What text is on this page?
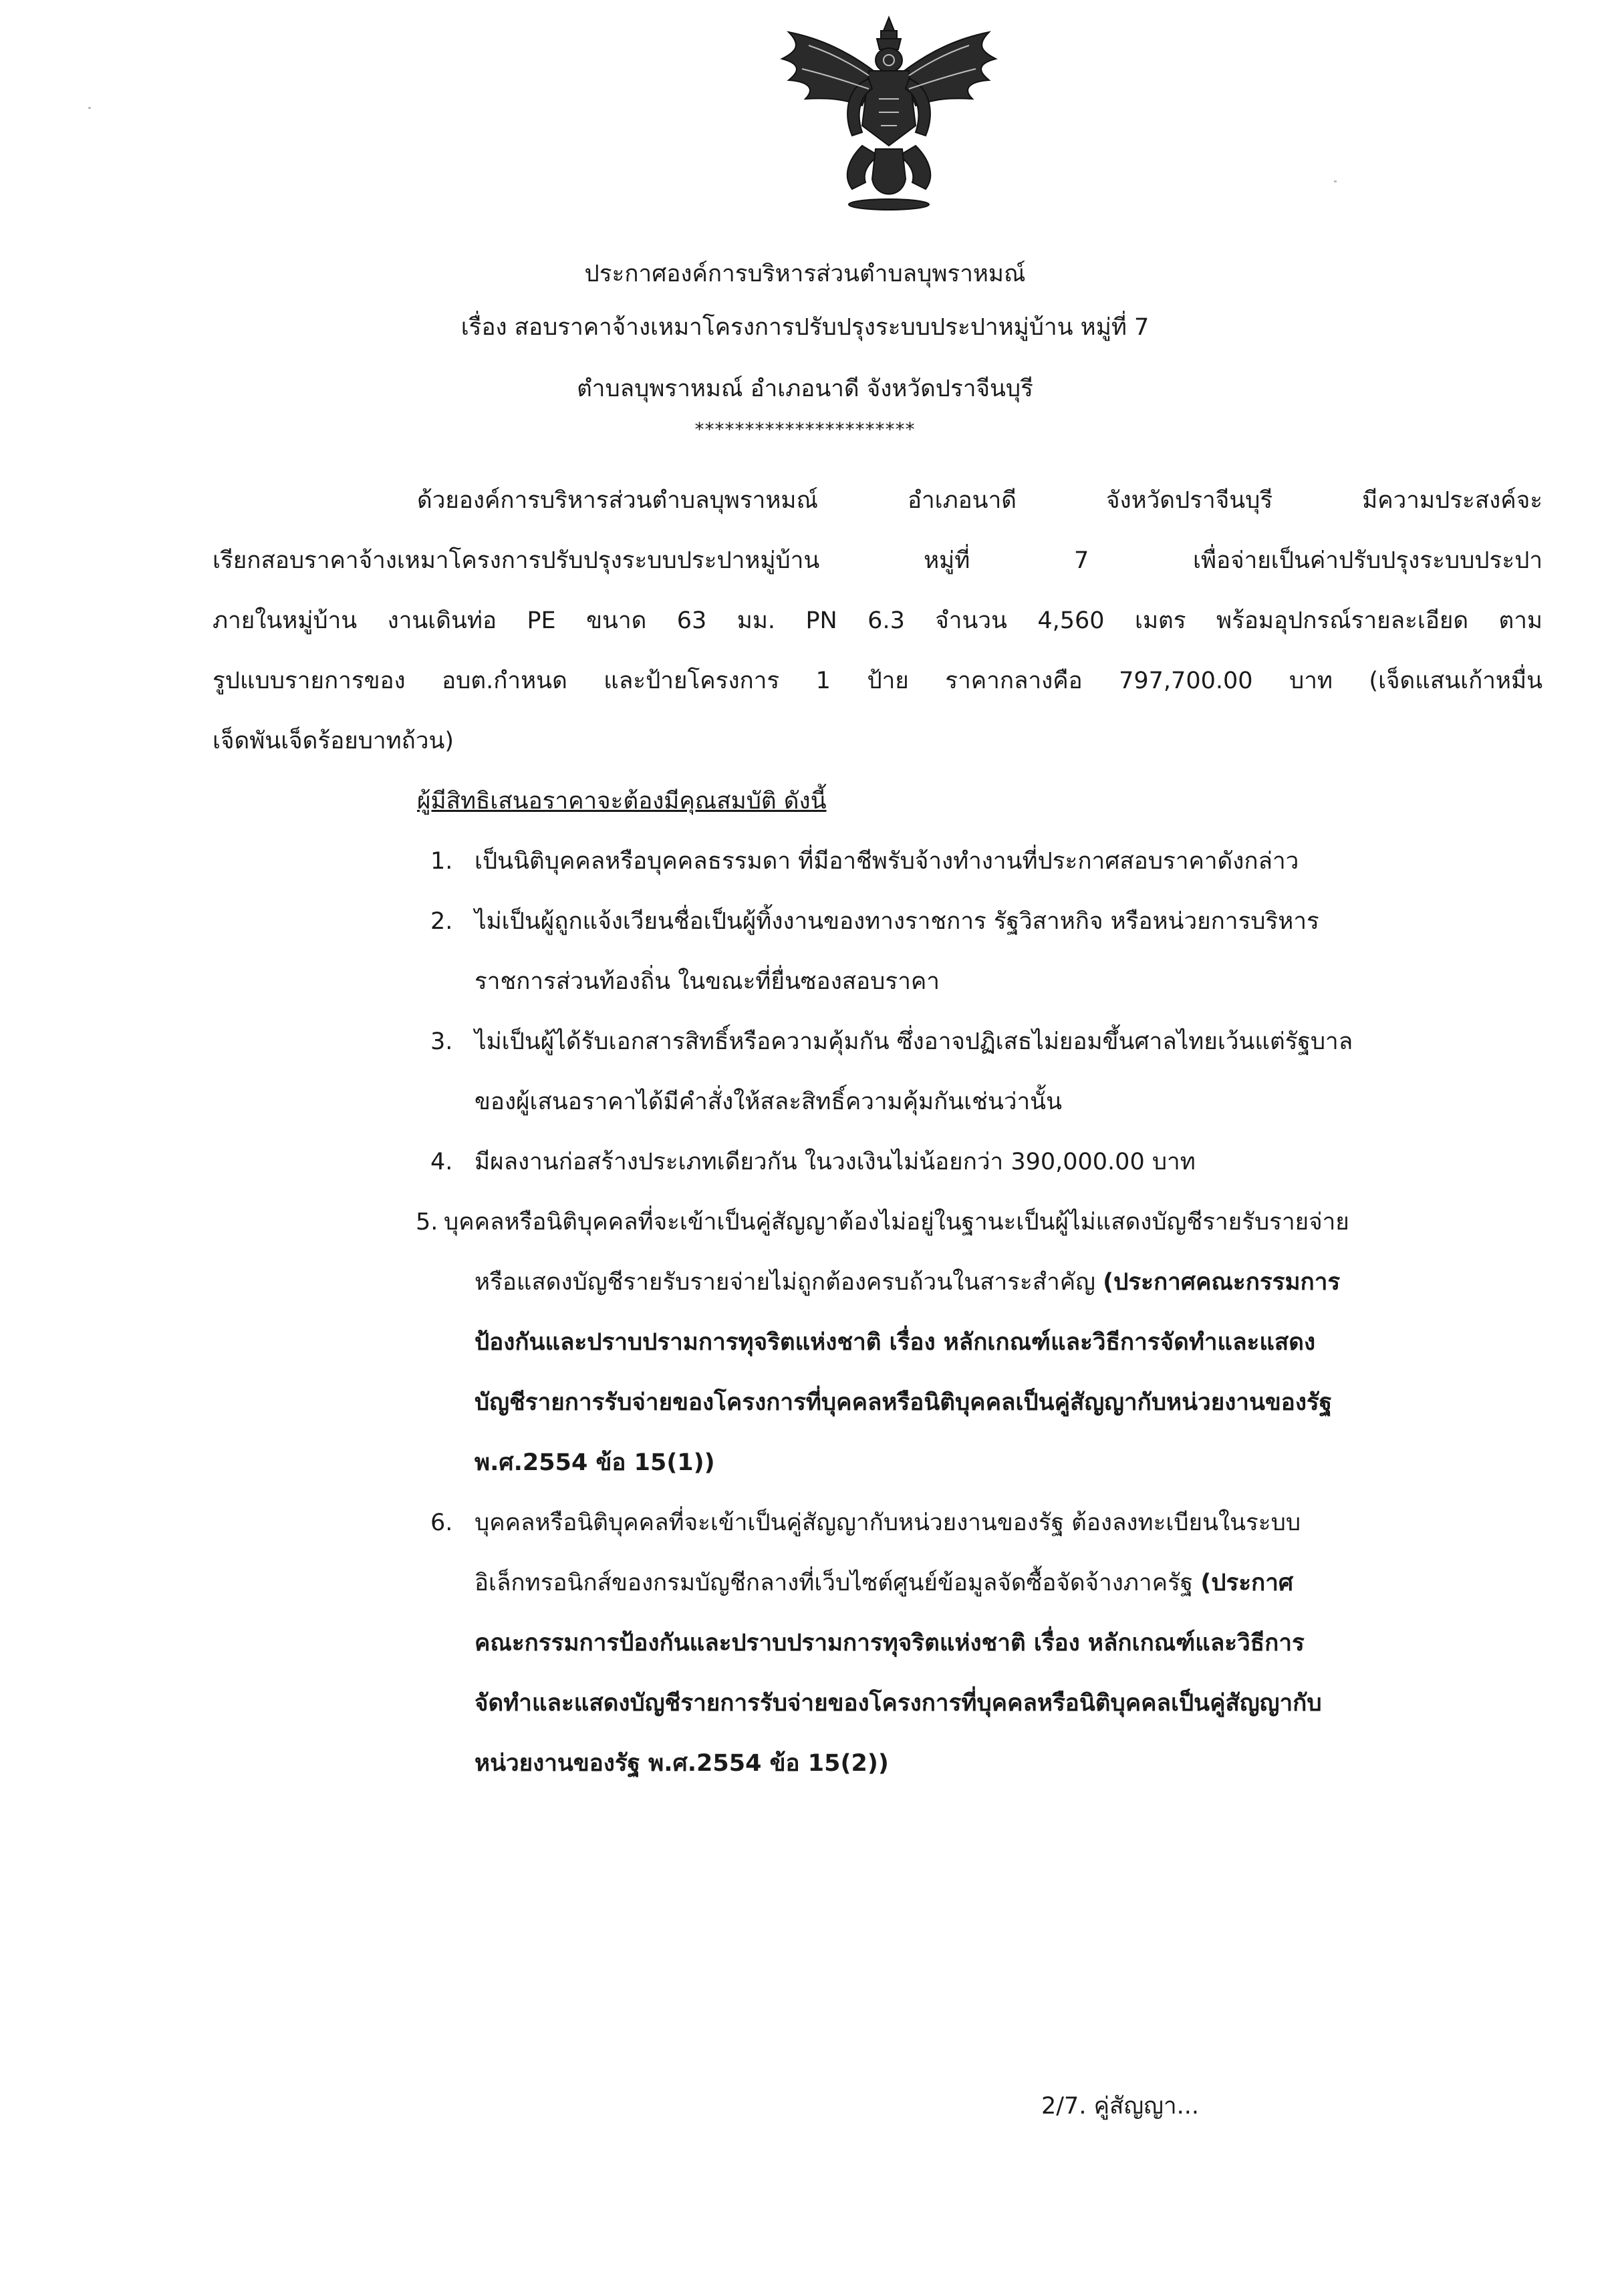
ประกาศองค์การบริหารส่วนตำบลบุพราหมณ์
เรื่อง สอบราคาจ้างเหมาโครงการปรับปรุงระบบประปาหมู่บ้าน หมู่ที่ 7
ตำบลบุพราหมณ์ อำเภอนาดี จังหวัดปราจีนบุรี
**********************
ด้วยองค์การบริหารส่วนตำบลบุพราหมณ์ อำเภอนาดี จังหวัดปราจีนบุรี มีความประสงค์จะ
เรียกสอบราคาจ้างเหมาโครงการปรับปรุงระบบประปาหมู่บ้าน หมู่ที่ 7 เพื่อจ่ายเป็นค่าปรับปรุงระบบประปา
ภายในหมู่บ้าน งานเดินท่อ PE ขนาด 63 มม. PN 6.3 จำนวน 4,560 เมตร พร้อมอุปกรณ์รายละเอียด ตาม
รูปแบบรายการของ อบต.กำหนด และป้ายโครงการ 1 ป้าย ราคากลางคือ 797,700.00 บาท (เจ็ดแสนเก้าหมื่น
เจ็ดพันเจ็ดร้อยบาทถ้วน)
ผู้มีสิทธิเสนอราคาจะต้องมีคุณสมบัติ ดังนี้
1. เป็นนิติบุคคลหรือบุคคลธรรมดา ที่มีอาชีพรับจ้างทำงานที่ประกาศสอบราคาดังกล่าว
2. ไม่เป็นผู้ถูกแจ้งเวียนชื่อเป็นผู้ทิ้งงานของทางราชการ รัฐวิสาหกิจ หรือหน่วยการบริหาร
ราชการส่วนท้องถิ่น ในขณะที่ยื่นซองสอบราคา
3. ไม่เป็นผู้ได้รับเอกสารสิทธิ์หรือความคุ้มกัน ซึ่งอาจปฏิเสธไม่ยอมขึ้นศาลไทยเว้นแต่รัฐบาล
ของผู้เสนอราคาได้มีคำสั่งให้สละสิทธิ์ความคุ้มกันเช่นว่านั้น
4. มีผลงานก่อสร้างประเภทเดียวกัน ในวงเงินไม่น้อยกว่า 390,000.00 บาท
5. บุคคลหรือนิติบุคคลที่จะเข้าเป็นคู่สัญญาต้องไม่อยู่ในฐานะเป็นผู้ไม่แสดงบัญชีรายรับรายจ่าย
หรือแสดงบัญชีรายรับรายจ่ายไม่ถูกต้องครบถ้วนในสาระสำคัญ (ประกาศคณะกรรมการ
ป้องกันและปราบปรามการทุจริตแห่งชาติ เรื่อง หลักเกณฑ์และวิธีการจัดทำและแสดง
บัญชีรายการรับจ่ายของโครงการที่บุคคลหรือนิติบุคคลเป็นคู่สัญญากับหน่วยงานของรัฐ
พ.ศ.2554 ข้อ 15(1))
6. บุคคลหรือนิติบุคคลที่จะเข้าเป็นคู่สัญญากับหน่วยงานของรัฐ ต้องลงทะเบียนในระบบ
อิเล็กทรอนิกส์ของกรมบัญชีกลางที่เว็บไซต์ศูนย์ข้อมูลจัดซื้อจัดจ้างภาครัฐ (ประกาศ
คณะกรรมการป้องกันและปราบปรามการทุจริตแห่งชาติ เรื่อง หลักเกณฑ์และวิธีการ
จัดทำและแสดงบัญชีรายการรับจ่ายของโครงการที่บุคคลหรือนิติบุคคลเป็นคู่สัญญากับ
หน่วยงานของรัฐ พ.ศ.2554 ข้อ 15(2))
2/7. คู่สัญญา...
